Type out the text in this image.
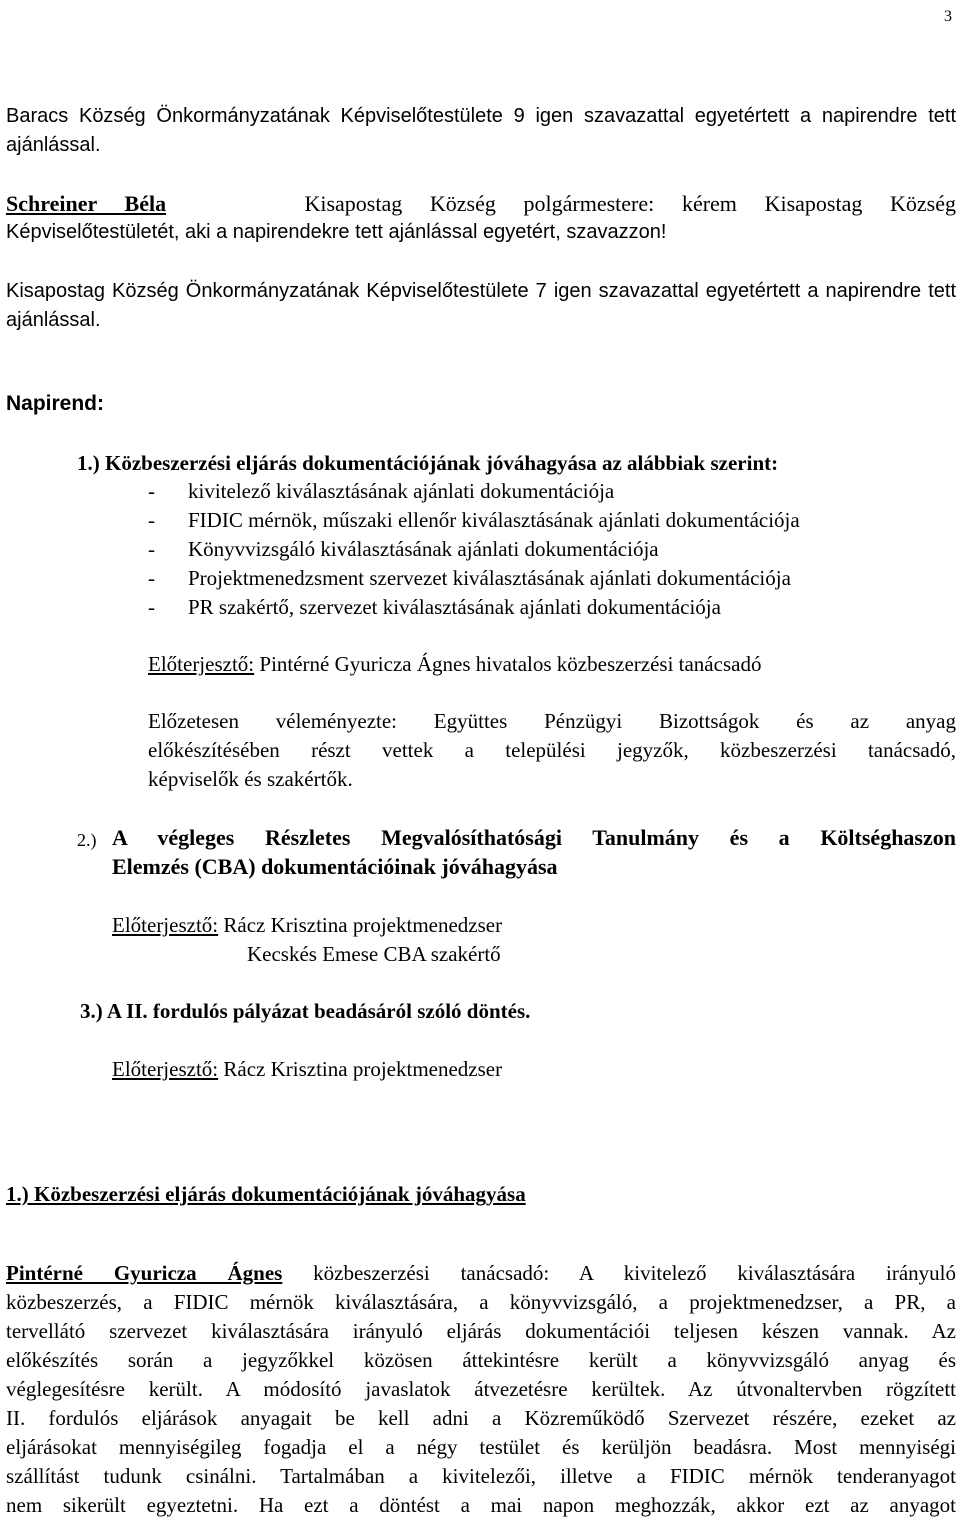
3
Baracs Község Önkormányzatának Képviselőtestülete 9 igen szavazattal egyetértett a napirendre tett ajánlással.
Schreiner Béla	Kisapostag Község polgármestere: kérem Kisapostag Község
Képviselőtestületét, aki a napirendekre tett ajánlással egyetért, szavazzon!
Kisapostag Község Önkormányzatának Képviselőtestülete 7 igen szavazattal egyetértett a napirendre tett ajánlással.
Napirend:
1.) Közbeszerzési eljárás dokumentációjának jóváhagyása az alábbiak szerint:
-	kivitelező kiválasztásának ajánlati dokumentációja
-	FIDIC mérnök, műszaki ellenőr kiválasztásának ajánlati dokumentációja
-	Könyvvizsgáló kiválasztásának ajánlati dokumentációja
-	Projektmenedzsment szervezet kiválasztásának ajánlati dokumentációja
-	PR szakértő, szervezet kiválasztásának ajánlati dokumentációja
Előterjesztő: Pintérné Gyuricza Ágnes hivatalos közbeszerzési tanácsadó
Előzetesen véleményezte: Együttes Pénzügyi Bizottságok és az anyag
előkészítésében részt vettek a települési jegyzők, közbeszerzési tanácsadó,
képviselők és szakértők.
2.) A végleges Részletes Megvalósíthatósági Tanulmány és a Költséghaszon
Elemzés (CBA) dokumentációinak jóváhagyása
Előterjesztő: Rácz Krisztina projektmenedzser
Kecskés Emese CBA szakértő
3.) A II. fordulós pályázat beadásáról szóló döntés.
Előterjesztő: Rácz Krisztina projektmenedzser
1.) Közbeszerzési eljárás dokumentációjának jóváhagyása
Pintérné Gyuricza Ágnes közbeszerzési tanácsadó: A kivitelező kiválasztására irányuló
közbeszerzés, a FIDIC mérnök kiválasztására, a könyvvizsgáló, a projektmenedzser, a PR, a
tervellátó szervezet kiválasztására irányuló eljárás dokumentációi teljesen készen vannak. Az
előkészítés során a jegyzőkkel közösen áttekintésre került a könyvvizsgáló anyag és
véglegesítésre került. A módosító javaslatok átvezetésre kerültek. Az útvonaltervben rögzített
II. fordulós eljárások anyagait be kell adni a Közreműködő Szervezet részére, ezeket az
eljárásokat mennyiségileg fogadja el a négy testület és kerüljön beadásra. Most mennyiségi
szállítást tudunk csinálni. Tartalmában a kivitelezői, illetve a FIDIC mérnök tenderanyagot
nem sikerült egyeztetni. Ha ezt a döntést a mai napon meghozzák, akkor ezt az anyagot
